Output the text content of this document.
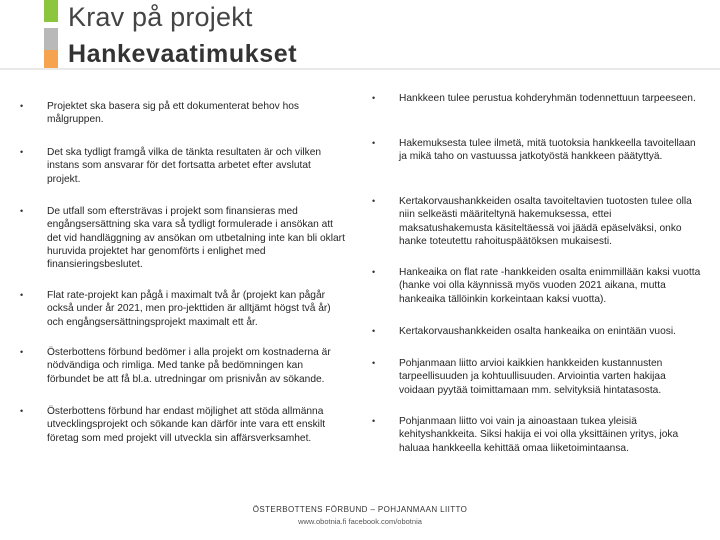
Krav på projekt
Hankevaatimukset
• Projektet ska basera sig på ett dokumenterat behov hos målgruppen.
• Det ska tydligt framgå vilka de tänkta resultaten är och vilken instans som ansvarar för det fortsatta arbetet efter avslutat projekt.
• De utfall som eftersträvas i projekt som finansieras med engångsersättning ska vara så tydligt formulerade i ansökan att det vid handläggning av ansökan om utbetalning inte kan bli oklart huruvida projektet har genomförts i enlighet med finansieringsbeslutet.
• Flat rate-projekt kan pågå i maximalt två år (projekt kan pågår också under år 2021, men pro-jekttiden är alltjämt högst två år) och engångsersättningsprojekt maximalt ett år.
• Österbottens förbund bedömer i alla projekt om kostnaderna är nödvändiga och rimliga. Med tanke på bedömningen kan förbundet be att få bl.a. utredningar om prisnivån av sökande.
• Österbottens förbund har endast möjlighet att stöda allmänna utvecklingsprojekt och sökande kan därför inte vara ett enskilt företag som med projekt vill utveckla sin affärsverksamhet.
• Hankkeen tulee perustua kohderyhmän todennettuun tarpeeseen.
• Hakemuksesta tulee ilmetä, mitä tuotoksia hankkeella tavoitellaan ja mikä taho on vastuussa jatkotyöstä hankkeen päätyttyä.
• Kertakorvaushankkeiden osalta tavoiteltavien tuotosten tulee olla niin selkeästi määriteltynä hakemuksessa, ettei maksatushakemusta käsiteltäessä voi jäädä epäselväksi, onko hanke toteutettu rahoituspäätöksen mukaisesti.
• Hankeaika on flat rate -hankkeiden osalta enimmillään kaksi vuotta (hanke voi olla käynnissä myös vuoden 2021 aikana, mutta hankeaika tällöinkin korkeintaan kaksi vuotta).
• Kertakorvaushankkeiden osalta hankeaika on enintään vuosi.
• Pohjanmaan liitto arvioi kaikkien hankkeiden kustannusten tarpeellisuuden ja kohtuullisuuden. Arviointia varten hakijaa voidaan pyytää toimittamaan mm. selvityksiä hintatasosta.
• Pohjanmaan liitto voi vain ja ainoastaan tukea yleisiä kehityshankkeita. Siksi hakija ei voi olla yksittäinen yritys, joka haluaa hankkeella kehittää omaa liiketoimintaansa.
ÖSTERBOTTENS FÖRBUND – POHJANMAAN LIITTO
www.obotnia.fi facebook.com/obotnia
